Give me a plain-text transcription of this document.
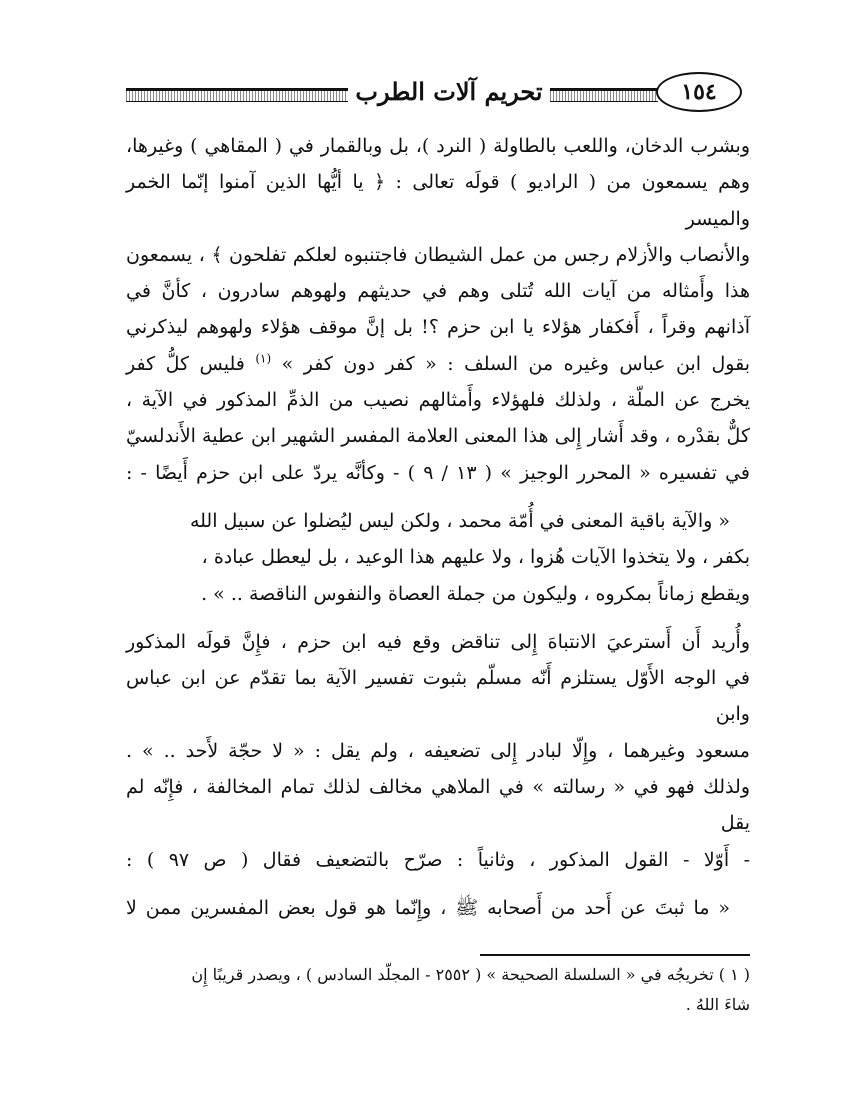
تحريم آلات الطرب	١٥٤

وبشرب الدخان، واللعب بالطاولة ( النرد )، بل وبالقمار في ( المقاهي ) وغيرها،
وهم يسمعون من ( الراديو ) قولَه تعالى : ﴿ يا أيُّها الذين آمنوا إنّما الخمر والميسر
والأنصاب والأزلام رجس من عمل الشيطان فاجتنبوه لعلكم تفلحون ﴾ ، يسمعون
هذا وأَمثاله من آيات الله تُتلى وهم في حديثهم ولهوهم سادرون ، كأنَّ في
آذانهم وقراً ، أَفكفار هؤلاء يا ابن حزم ؟! بل إنَّ موقف هؤلاء ولهوهم ليذكرني
بقول ابن عباس وغيره من السلف : « كفر دون كفر » $^{(١)}$ فليس كلُّ كفر
يخرج عن الملّة ، ولذلك فلهؤلاء وأَمثالهم نصيب من الذمِّ المذكور في الآية ،
كلٌّ بقدْره ، وقد أَشار إِلى هذا المعنى العلامة المفسر الشهير ابن عطية الأَندلسيّ
في تفسيره « المحرر الوجيز » ( ١٣ / ٩ ) - وكأنَّه يردّ على ابن حزم أَيضًا - :

« والآية باقية المعنى في أُمّة محمد ، ولكن ليس ليُضلوا عن سبيل الله
بكفر ، ولا يتخذوا الآيات هُزوا ، ولا عليهم هذا الوعيد ، بل ليعطل عبادة ،
ويقطع زماناً بمكروه ، وليكون من جملة العصاة والنفوس الناقصة .. » .

وأُريد أَن أَسترعيَ الانتباهَ إِلى تناقض وقع فيه ابن حزم ، فإِنَّ قولَه المذكور
في الوجه الأَوّل يستلزم أَنّه مسلّم بثبوت تفسير الآية بما تقدّم عن ابن عباس وابن
مسعود وغيرهما ، وإِلّا لبادر إِلى تضعيفه ، ولم يقل : « لا حجّة لأَحد .. » .
ولذلك فهو في « رسالته » في الملاهي مخالف لذلك تمام المخالفة ، فإِنّه لم يقل
- أَوّلا - القول المذكور ، وثانياً : صرّح بالتضعيف فقال ( ص ٩٧ ) :

« ما ثبتَ عن أَحد من أَصحابه ﷺ ، وإِنّما هو قول بعض المفسرين ممن لا

( ١ ) تخريجُه في « السلسلة الصحيحة » ( ٢٥٥٢ - المجلّد السادس ) ، ويصدر قريبًا إِن
شاءَ اللهُ .
